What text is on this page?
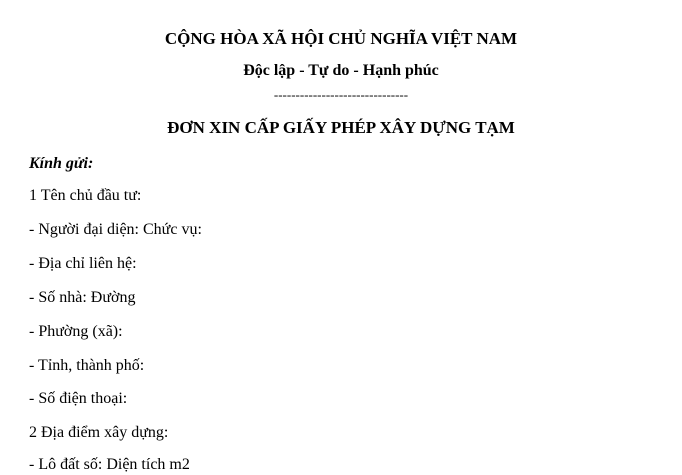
CỘNG HÒA XÃ HỘI CHỦ NGHĨA VIỆT NAM
Độc lập - Tự do - Hạnh phúc
-------------------------------
ĐƠN XIN CẤP GIẤY PHÉP XÂY DỰNG TẠM
Kính gửi:
1 Tên chủ đầu tư:
- Người đại diện: Chức vụ:
- Địa chỉ liên hệ:
- Số nhà: Đường
- Phường (xã):
- Tỉnh, thành phố:
- Số điện thoại:
2 Địa điểm xây dựng:
- Lô đất số: Diện tích m2
